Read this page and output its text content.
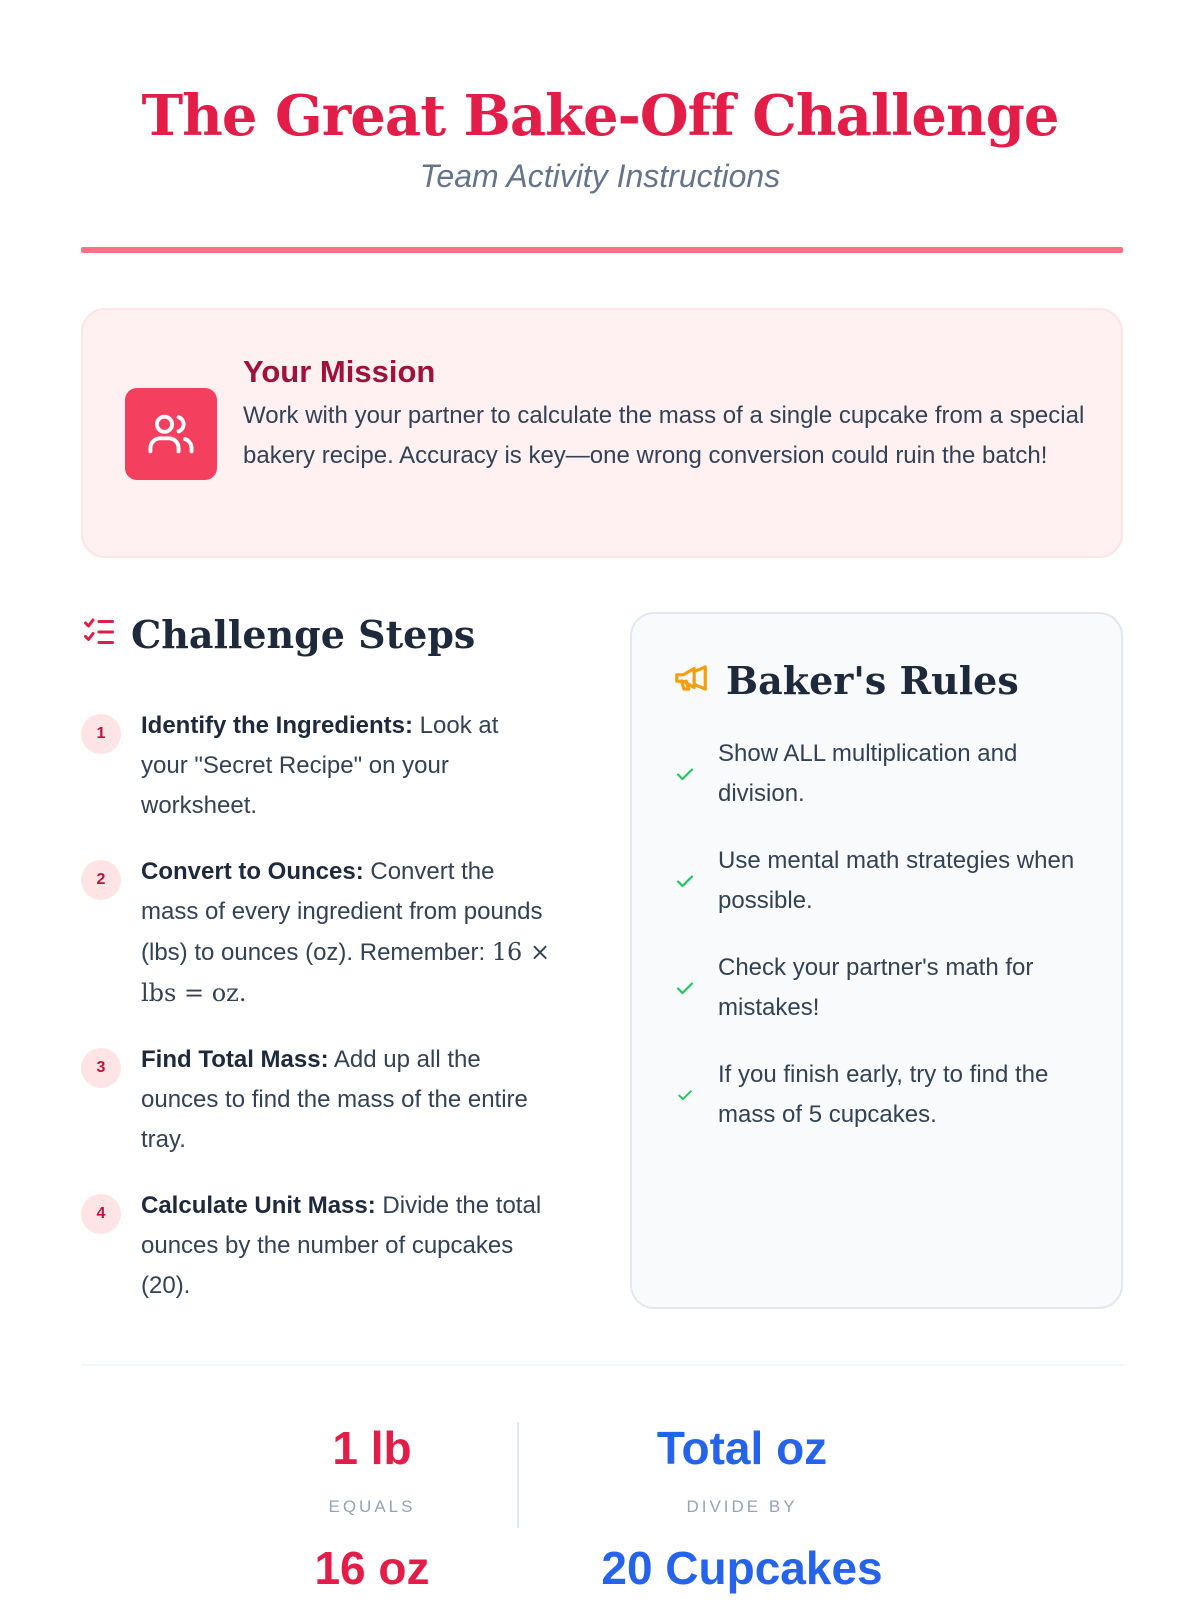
The Great Bake-Off Challenge
Team Activity Instructions
Your Mission

Work with your partner to calculate the mass of a single cupcake from a special bakery recipe. Accuracy is key—one wrong conversion could ruin the batch!

Challenge Steps
1	Identify the Ingredients: Look at your "Secret Recipe" on your worksheet.
2	Convert to Ounces: Convert the mass of every ingredient from pounds (lbs) to ounces (oz). Remember: 16 × lbs = oz.
3	Find Total Mass: Add up all the ounces to find the mass of the entire tray.
4	Calculate Unit Mass: Divide the total ounces by the number of cupcakes (20).
Baker's Rules
Show ALL multiplication and division.
Use mental math strategies when possible.
Check your partner's math for mistakes!
If you finish early, try to find the mass of 5 cupcakes.
1 lb
EQUALS
16 oz
Total oz
DIVIDE BY
20 Cupcakes
